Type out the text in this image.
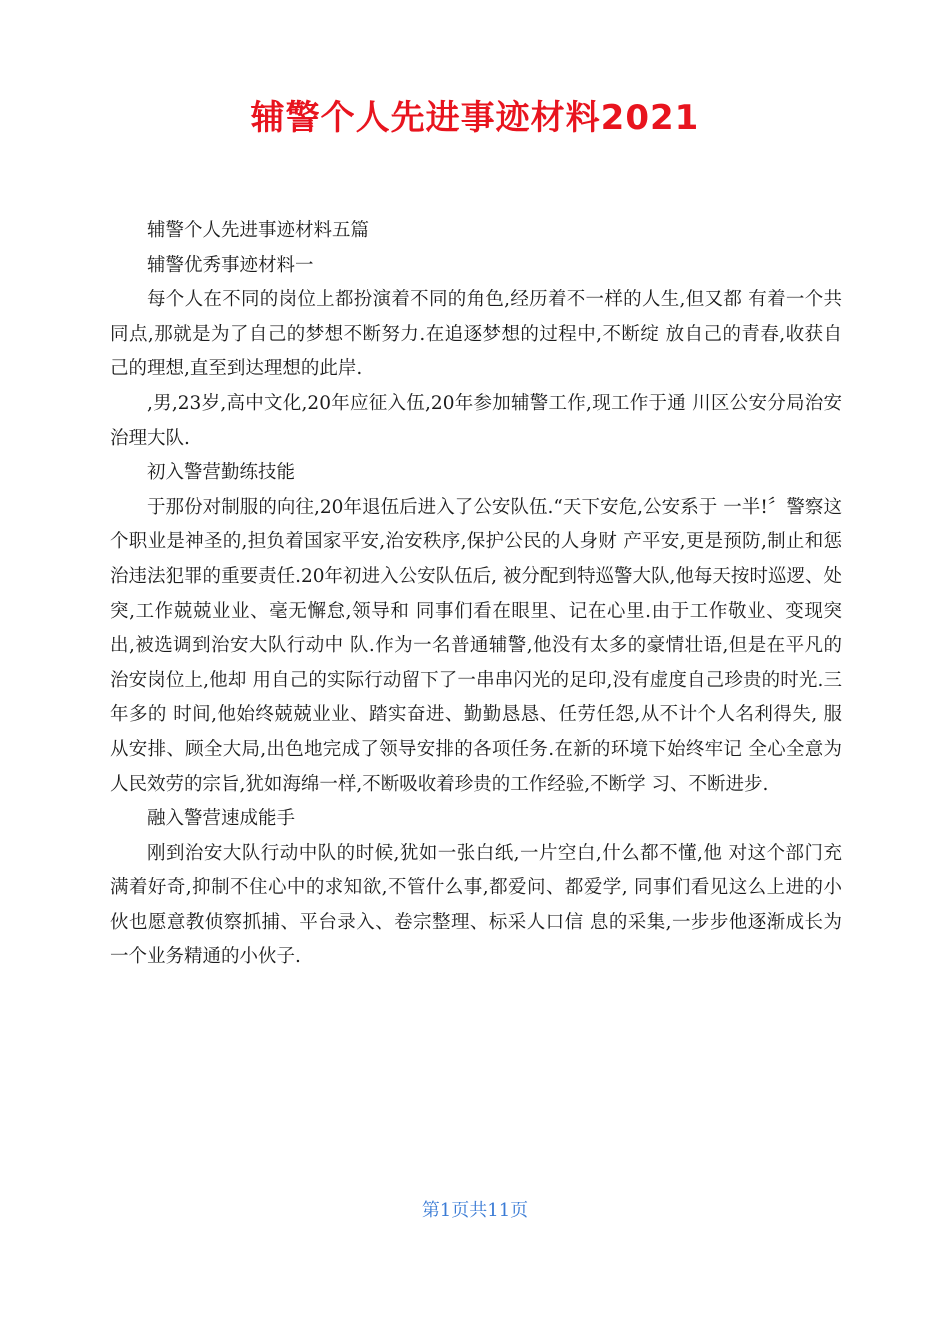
辅警个人先进事迹材料2021

辅警个人先进事迹材料五篇

辅警优秀事迹材料一

每个人在不同的岗位上都扮演着不同的角色,经历着不一样的人生,但又都 有着一个共同点,那就是为了自己的梦想不断努力.在追逐梦想的过程中,不断绽 放自己的青春,收获自己的理想,直至到达理想的此岸.

,男,23岁,高中文化,20年应征入伍,20年参加辅警工作,现工作于通 川区公安分局治安治理大队.

初入警营勤练技能

于那份对制服的向往,20年退伍后进入了公安队伍.“天下安危,公安系于 一半!〞警察这个职业是神圣的,担负着国家平安,治安秩序,保护公民的人身财 产平安,更是预防,制止和惩治违法犯罪的重要责任.20年初进入公安队伍后, 被分配到特巡警大队,他每天按时巡逻、处突,工作兢兢业业、毫无懈怠,领导和 同事们看在眼里、记在心里.由于工作敬业、变现突出,被选调到治安大队行动中 队.作为一名普通辅警,他没有太多的豪情壮语,但是在平凡的治安岗位上,他却 用自己的实际行动留下了一串串闪光的足印,没有虚度自己珍贵的时光.三年多的 时间,他始终兢兢业业、踏实奋进、勤勤恳恳、任劳任怨,从不计个人名利得失, 服从安排、顾全大局,出色地完成了领导安排的各项任务.在新的环境下始终牢记 全心全意为人民效劳的宗旨,犹如海绵一样,不断吸收着珍贵的工作经验,不断学 习、不断进步.

融入警营速成能手

刚到治安大队行动中队的时候,犹如一张白纸,一片空白,什么都不懂,他 对这个部门充满着好奇,抑制不住心中的求知欲,不管什么事,都爱问、都爱学, 同事们看见这么上进的小伙也愿意教侦察抓捕、平台录入、卷宗整理、标采人口信 息的采集,一步步他逐渐成长为一个业务精通的小伙子.

第1页共11页
